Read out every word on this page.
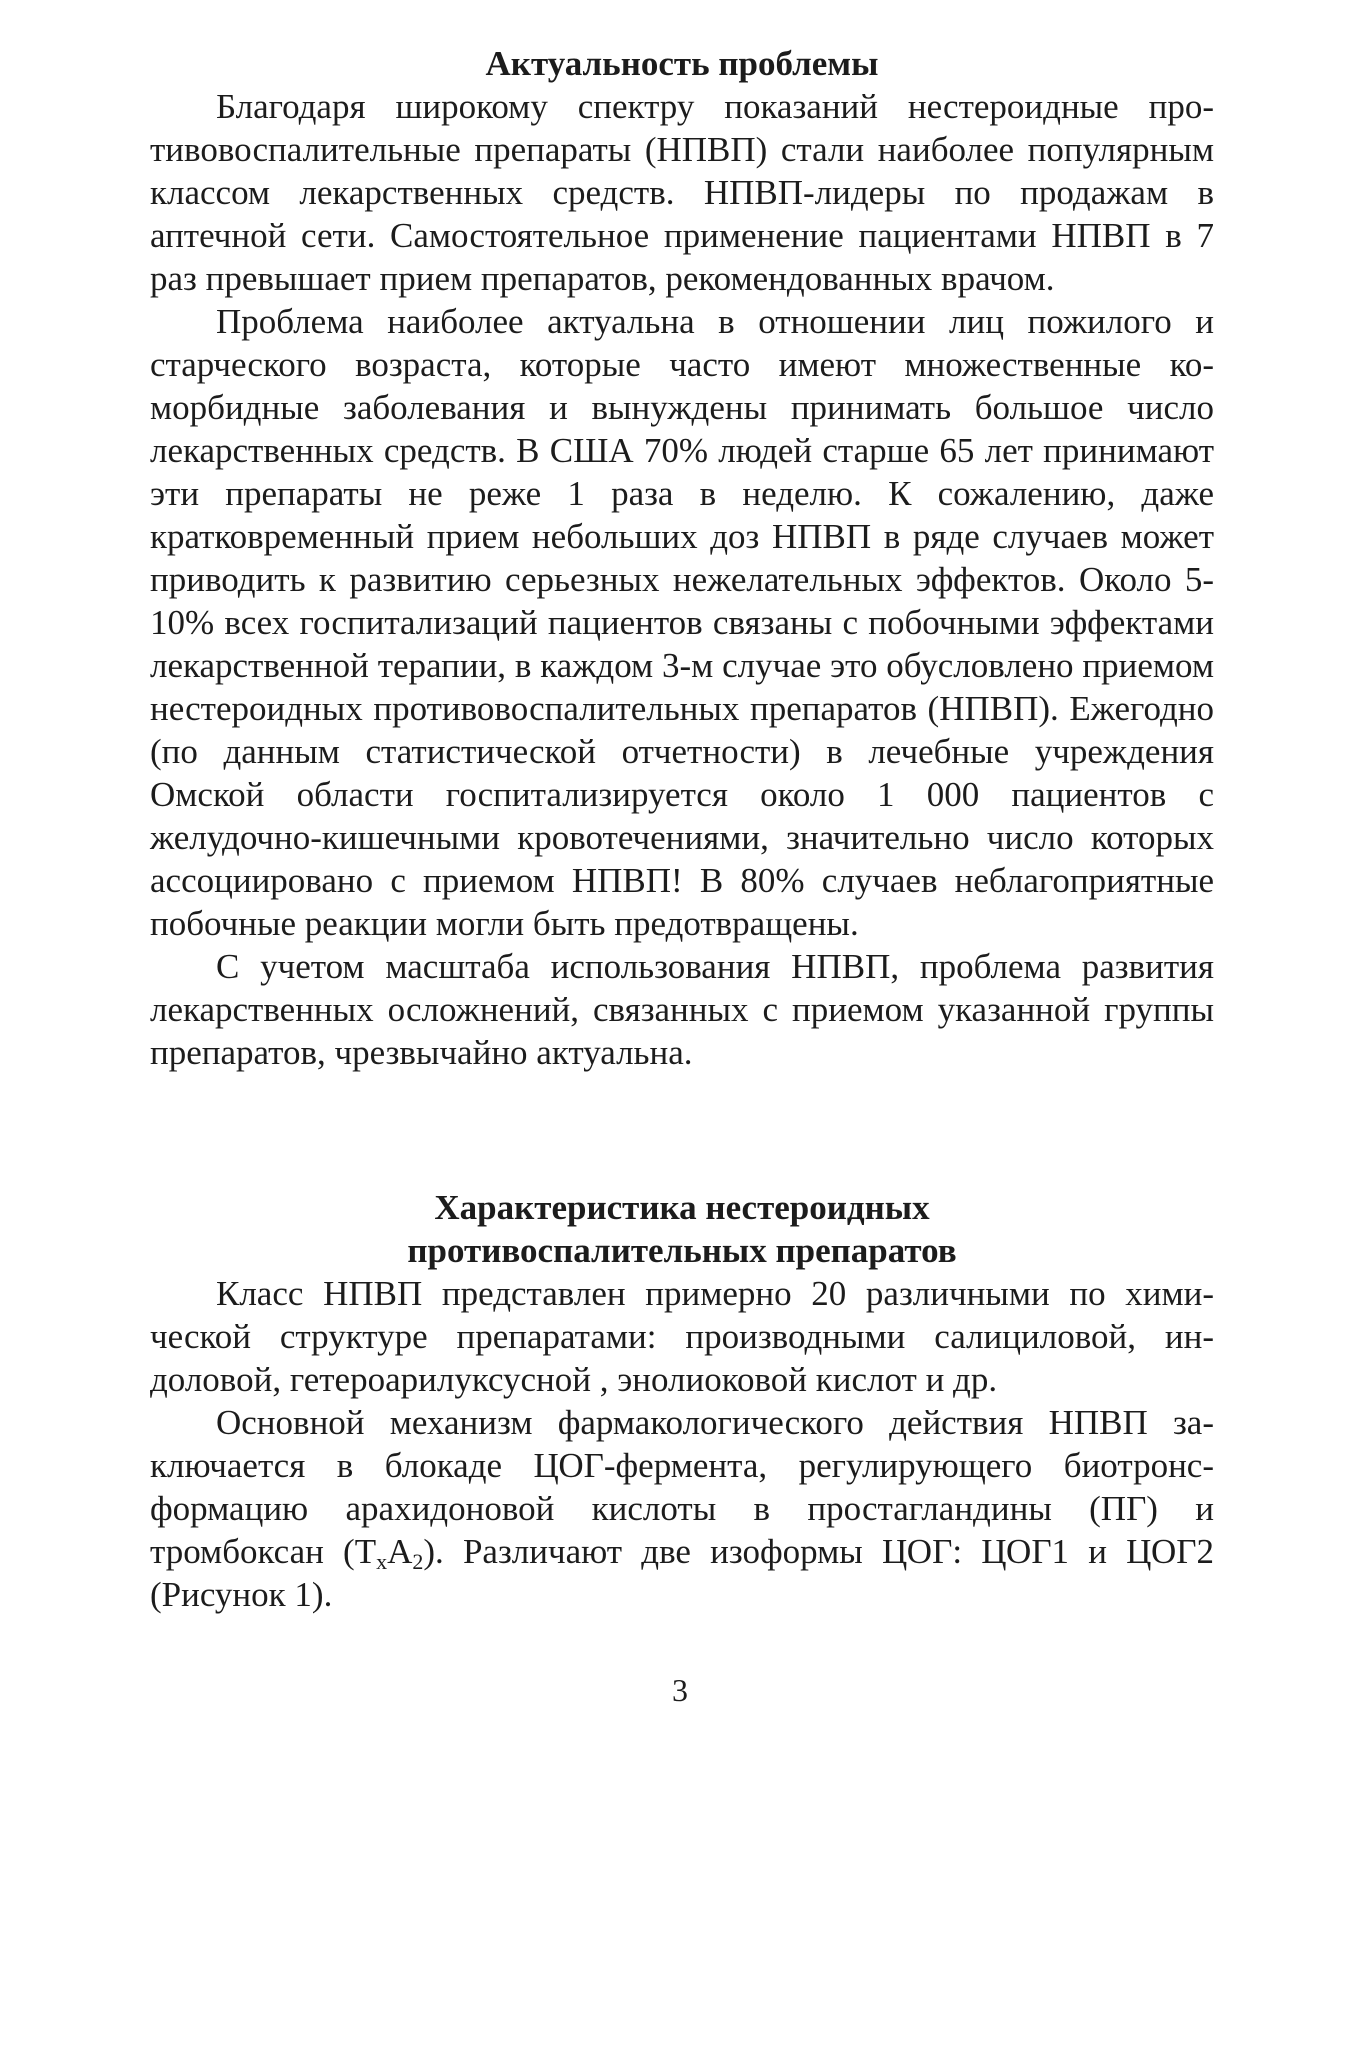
Актуальность проблемы

Благодаря широкому спектру показаний нестероидные противовоспалительные препараты (НПВП) стали наиболее популярным классом лекарственных средств. НПВП-лидеры по продажам в аптечной сети. Самостоятельное применение пациентами НПВП в 7 раз превышает прием препаратов, рекомендованных врачом.

Проблема наиболее актуальна в отношении лиц пожилого и старческого возраста, которые часто имеют множественные коморбидные заболевания и вынуждены принимать большое число лекарственных средств. В США 70% людей старше 65 лет принимают эти препараты не реже 1 раза в неделю. К сожалению, даже кратковременный прием небольших доз НПВП в ряде случаев может приводить к развитию серьезных нежелательных эффектов. Около 5-10% всех госпитализаций пациентов связаны с побочными эффектами лекарственной терапии, в каждом 3-м случае это обусловлено приемом нестероидных противовоспалительных препаратов (НПВП). Ежегодно (по данным статистической отчетности) в лечебные учреждения Омской области госпитализируется около 1 000 пациентов с желудочно-кишечными кровотечениями, значительно число которых ассоциировано с приемом НПВП! В 80% случаев неблагоприятные побочные реакции могли быть предотвращены.

С учетом масштаба использования НПВП, проблема развития лекарственных осложнений, связанных с приемом указанной группы препаратов, чрезвычайно актуальна.

Характеристика нестероидных
противоспалительных препаратов

Класс НПВП представлен примерно 20 различными по химической структуре препаратами: производными салициловой, индоловой, гетероарилуксусной , энолиоковой кислот и др.

Основной механизм фармакологического действия НПВП заключается в блокаде ЦОГ-фермента, регулирующего биотронсформацию арахидоновой кислоты в простагландины (ПГ) и тромбоксан $(Т_хА_2)$. Различают две изоформы ЦОГ: ЦОГ1 и ЦОГ2 (Рисунок 1).

3
